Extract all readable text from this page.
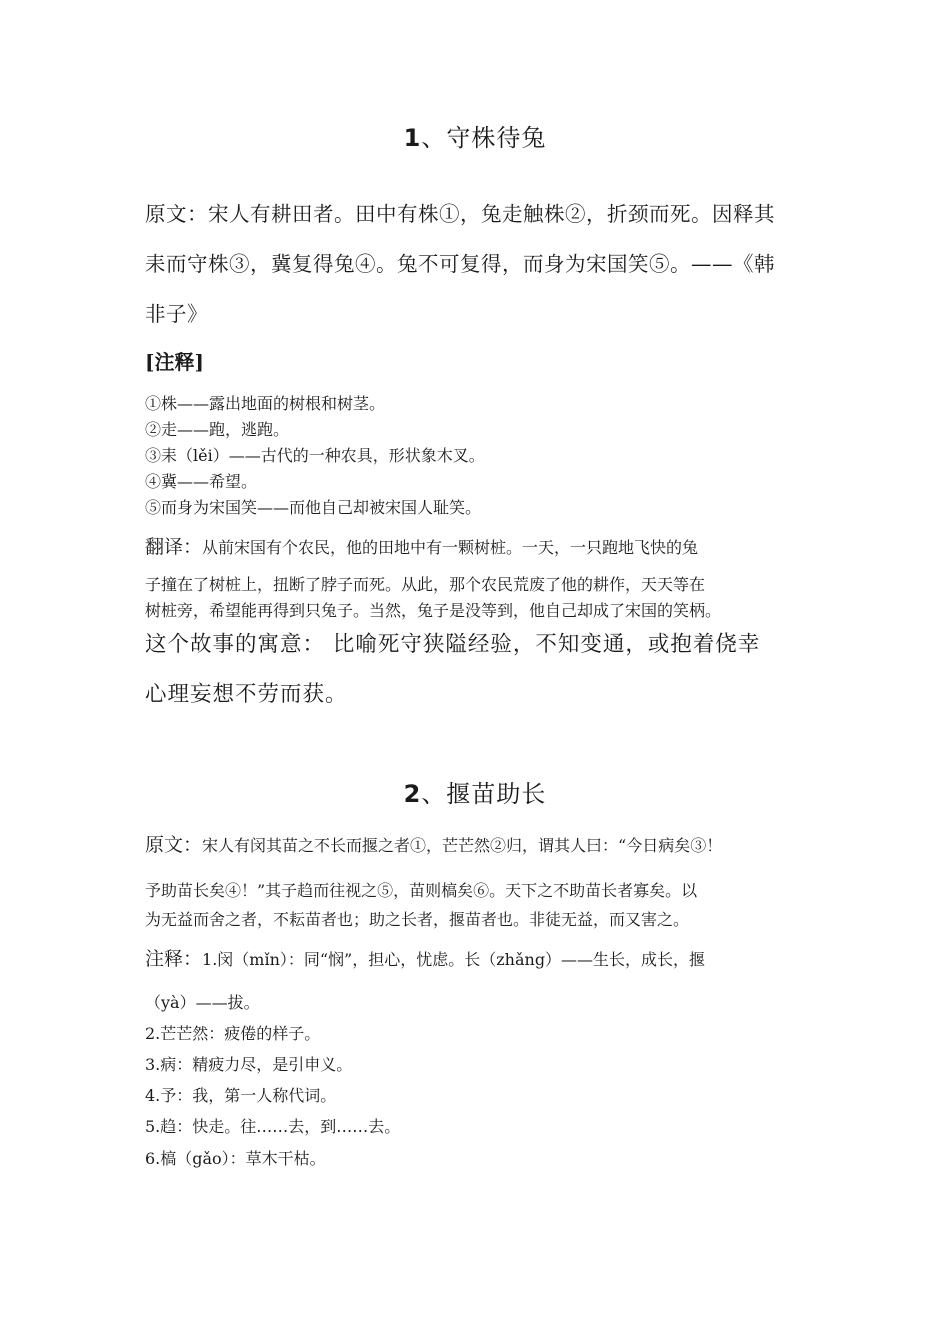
1、守株待兔
原文：宋人有耕田者。田中有株①，兔走触株②，折颈而死。因释其
耒而守株③，冀复得兔④。兔不可复得，而身为宋国笑⑤。——《韩
非子》
[注释]
①株——露出地面的树根和树茎。
②走——跑，逃跑。
③耒（lěi）——古代的一种农具，形状象木叉。
④冀——希望。
⑤而身为宋国笑——而他自己却被宋国人耻笑。
翻译：从前宋国有个农民，他的田地中有一颗树桩。一天，一只跑地飞快的兔
子撞在了树桩上，扭断了脖子而死。从此，那个农民荒废了他的耕作，天天等在
树桩旁，希望能再得到只兔子。当然，兔子是没等到，他自己却成了宋国的笑柄。
这个故事的寓意： 比喻死守狭隘经验，不知变通，或抱着侥幸
心理妄想不劳而获。
2、揠苗助长
原文：宋人有闵其苗之不长而揠之者①，芒芒然②归，谓其人曰：“今日病矣③！
予助苗长矣④！”其子趋而往视之⑤，苗则槁矣⑥。天下之不助苗长者寡矣。以
为无益而舍之者，不耘苗者也；助之长者，揠苗者也。非徒无益，而又害之。
注释：1.闵（mǐn）：同“悯”，担心，忧虑。长（zhǎng）——生长，成长，揠
（yà）——拔。
2.芒芒然：疲倦的样子。
3.病：精疲力尽，是引申义。
4.予：我，第一人称代词。
5.趋：快走。往……去，到……去。
6.槁（gǎo）：草木干枯。
